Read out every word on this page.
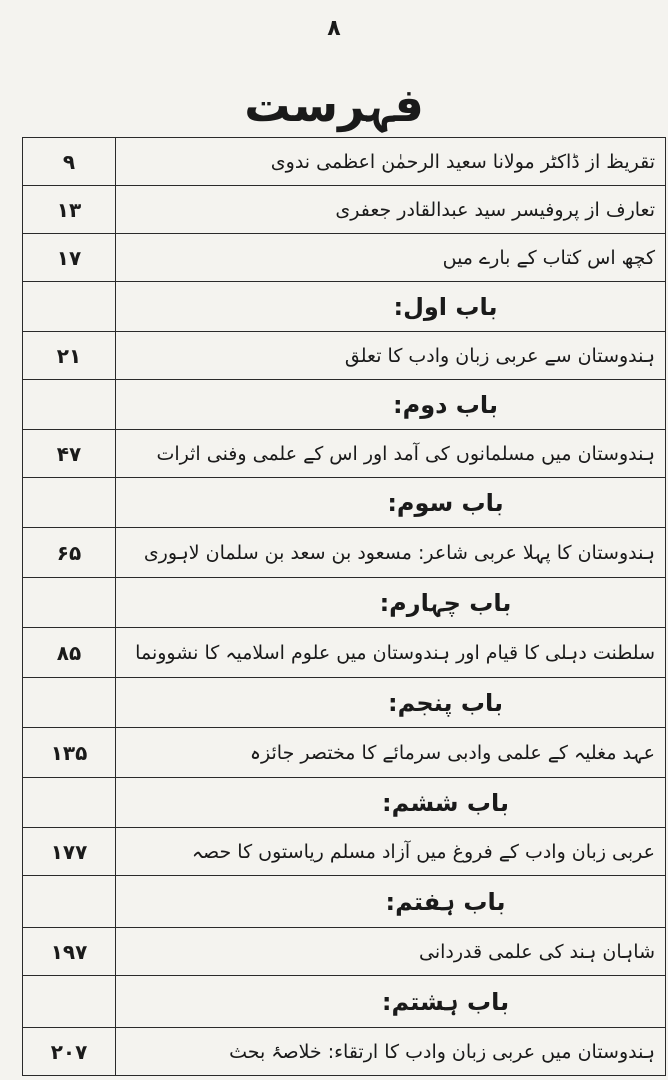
۸
فہرست
۹	تقریظ از ڈاکٹر مولانا سعید الرحمٰن اعظمی ندوی
۱۳	تعارف از پروفیسر سید عبدالقادر جعفری
۱۷	کچھ اس کتاب کے بارے میں
	باب اول:
۲۱	ہندوستان سے عربی زبان وادب کا تعلق
	باب دوم:
۴۷	ہندوستان میں مسلمانوں کی آمد اور اس کے علمی وفنی اثرات
	باب سوم:
۶۵	ہندوستان کا پہلا عربی شاعر: مسعود بن سعد بن سلمان لاہوری
	باب چہارم:
۸۵	سلطنت دہلی کا قیام اور ہندوستان میں علوم اسلامیہ کا نشوونما
	باب پنجم:
۱۳۵	عہد مغلیہ کے علمی وادبی سرمائے کا مختصر جائزہ
	باب ششم:
۱۷۷	عربی زبان وادب کے فروغ میں آزاد مسلم ریاستوں کا حصہ
	باب ہفتم:
۱۹۷	شاہان ہند کی علمی قدردانی
	باب ہشتم:
۲۰۷	ہندوستان میں عربی زبان وادب کا ارتقاء: خلاصۂ بحث
